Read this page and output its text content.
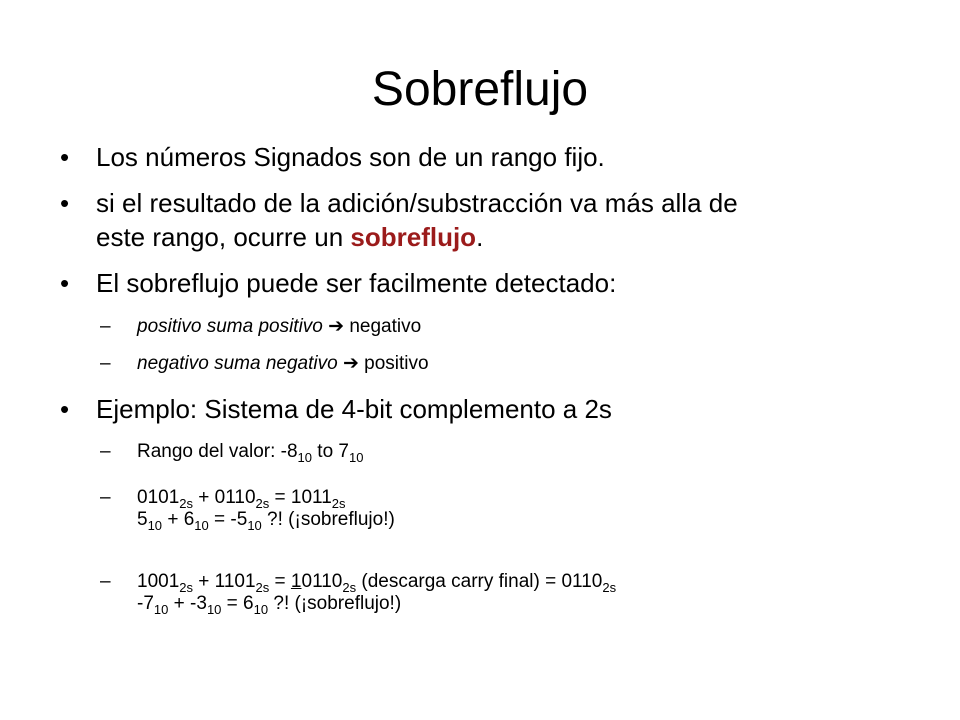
Sobreflujo
•	Los números Signados son de un rango fijo.
•	si el resultado de la adición/substracción va más alla de
este rango, ocurre un sobreflujo.
•	El sobreflujo puede ser facilmente detectado:
– positivo suma positivo ➔ negativo
– negativo suma negativo ➔ positivo
•	Ejemplo: Sistema de 4-bit complemento a 2s
– Rango del valor: $-8_{10}$ to $7_{10}$
– $0101_{2s} + 0110_{2s} = 1011_{2s}$
$5_{10} + 6_{10} = -5_{10}$ ?! (¡sobreflujo!)
– $1001_{2s} + 1101_{2s} = 10110_{2s}$ (descarga carry final) = $0110_{2s}$
$-7_{10} + -3_{10} = 6_{10}$ ?! (¡sobreflujo!)
